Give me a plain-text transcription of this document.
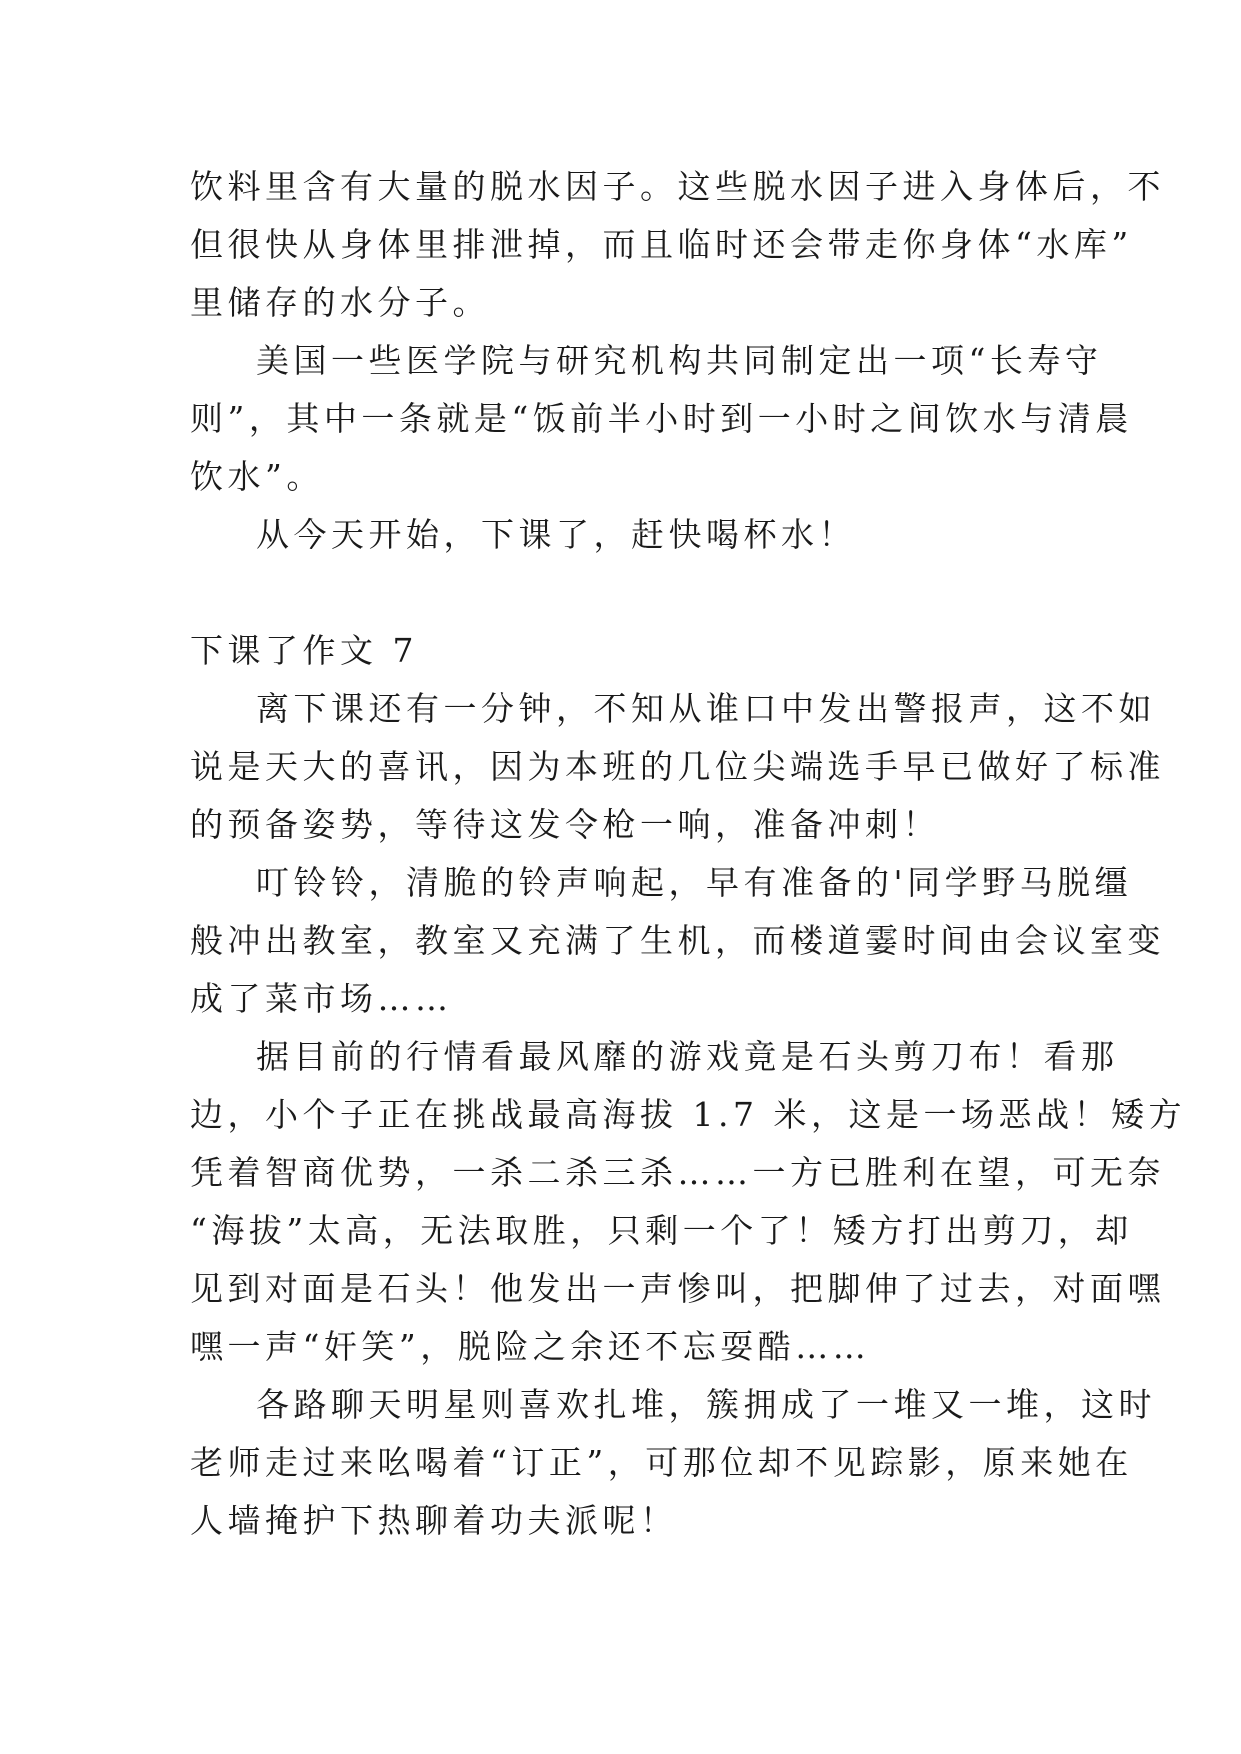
饮料里含有大量的脱水因子。这些脱水因子进入身体后，不
但很快从身体里排泄掉，而且临时还会带走你身体“水库”
里储存的水分子。
美国一些医学院与研究机构共同制定出一项“长寿守
则”，其中一条就是“饭前半小时到一小时之间饮水与清晨
饮水”。
从今天开始，下课了，赶快喝杯水！
下课了作文 7
离下课还有一分钟，不知从谁口中发出警报声，这不如
说是天大的喜讯，因为本班的几位尖端选手早已做好了标准
的预备姿势，等待这发令枪一响，准备冲刺！
叮铃铃，清脆的铃声响起，早有准备的'同学野马脱缰
般冲出教室，教室又充满了生机，而楼道霎时间由会议室变
成了菜市场……
据目前的行情看最风靡的游戏竟是石头剪刀布！看那
边，小个子正在挑战最高海拔 1.7 米，这是一场恶战！矮方
凭着智商优势，一杀二杀三杀……一方已胜利在望，可无奈
“海拔”太高，无法取胜，只剩一个了！矮方打出剪刀，却
见到对面是石头！他发出一声惨叫，把脚伸了过去，对面嘿
嘿一声“奸笑”，脱险之余还不忘耍酷……
各路聊天明星则喜欢扎堆，簇拥成了一堆又一堆，这时
老师走过来吆喝着“订正”，可那位却不见踪影，原来她在
人墙掩护下热聊着功夫派呢！
